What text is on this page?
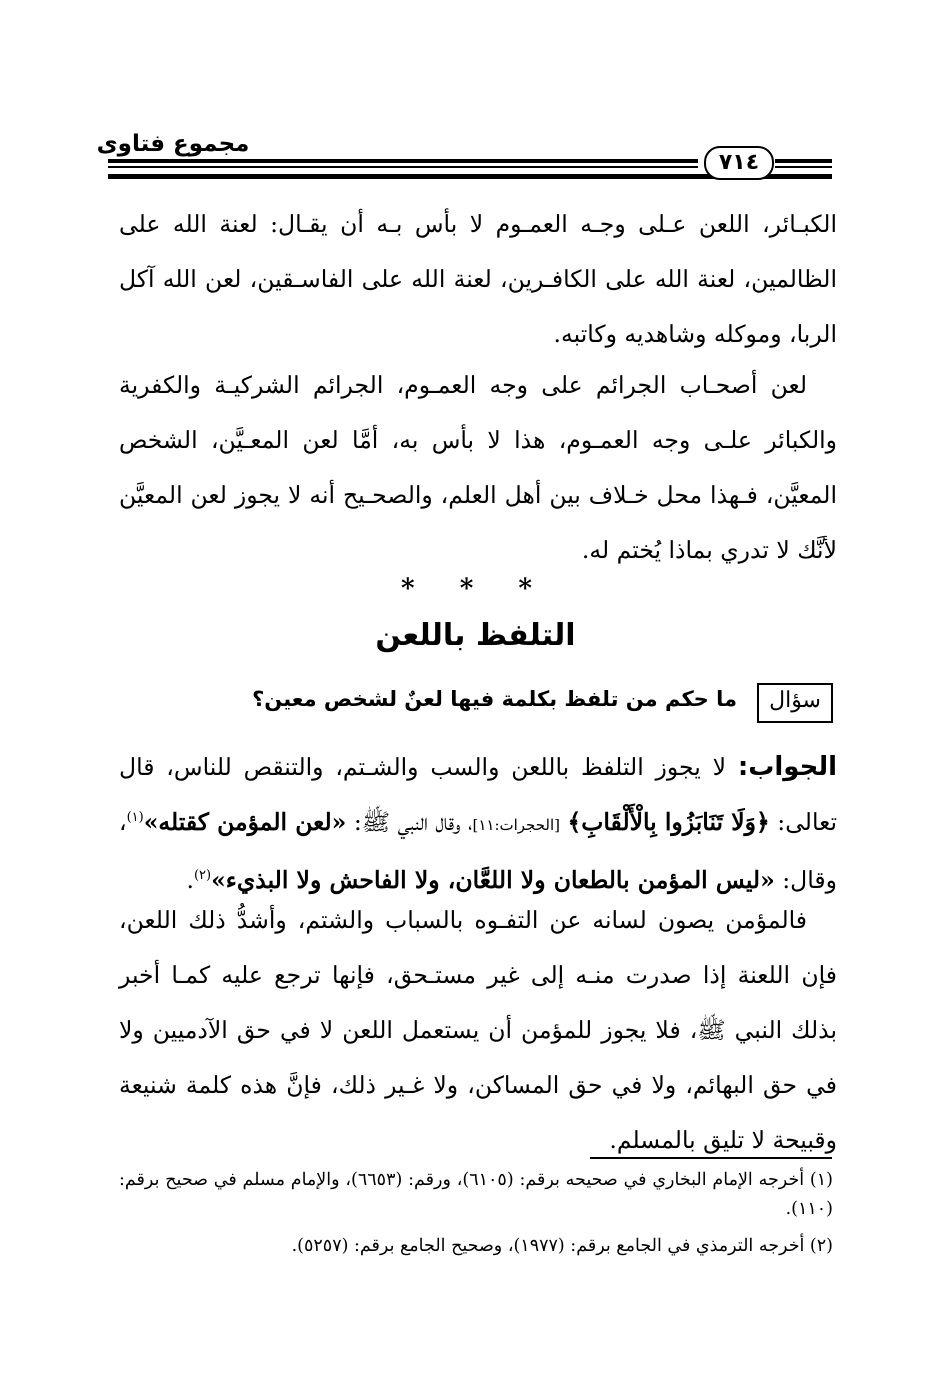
مجموع فتاوى
٧١٤
الكبـائر، اللعن عـلى وجـه العمـوم لا بأس بـه أن يقـال: لعنة الله على الظالمين، لعنة الله على الكافـرين، لعنة الله على الفاسـقين، لعن الله آكل الربا، وموكله وشاهديه وكاتبه.
لعن أصحـاب الجرائم على وجه العمـوم، الجرائم الشركيـة والكفرية والكبائر علـى وجه العمـوم، هذا لا بأس به، أمَّا لعن المعـيَّن، الشخص المعيَّن، فـهذا محل خـلاف بين أهل العلم، والصحـيح أنه لا يجوز لعن المعيَّن لأنَّك لا تدري بماذا يُختم له.
* * *
التلفظ باللعن
سؤال
ما حكم من تلفظ بكلمة فيها لعنٌ لشخص معين؟
الجواب: لا يجوز التلفظ باللعن والسب والشـتم، والتنقص للناس، قال تعالى: ﴿وَلَا تَنَابَزُوا بِالْأَلْقَابِ﴾ [الحجرات:١١]، وقال النبي ﷺ: «لعن المؤمن كقتله»$^{(١)}$، وقال: «ليس المؤمن بالطعان ولا اللعَّان، ولا الفاحش ولا البذيء»$^{(٢)}$.
فالمؤمن يصون لسانه عن التفـوه بالسباب والشتم، وأشدُّ ذلك اللعن، فإن اللعنة إذا صدرت منـه إلى غير مستـحق، فإنها ترجع عليه كمـا أخبر بذلك النبي ﷺ، فلا يجوز للمؤمن أن يستعمل اللعن لا في حق الآدميين ولا في حق البهائم، ولا في حق المساكن، ولا غـير ذلك، فإنَّ هذه كلمة شنيعة وقبيحة لا تليق بالمسلم.
(١) أخرجه الإمام البخاري في صحيحه برقم: (٦١٠٥)، ورقم: (٦٦٥٣)، والإمام مسلم في صحيح برقم: (١١٠).
(٢) أخرجه الترمذي في الجامع برقم: (١٩٧٧)، وصحيح الجامع برقم: (٥٢٥٧).
